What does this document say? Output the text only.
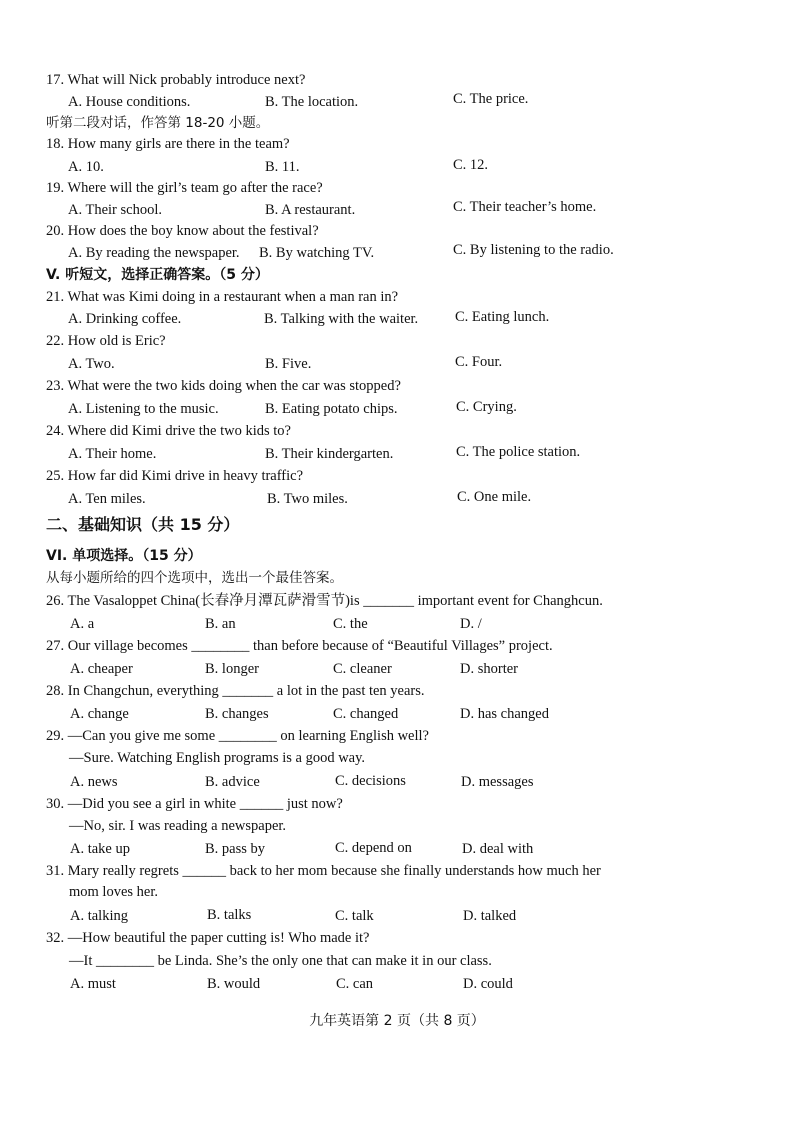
17. What will Nick probably introduce next?
A. House conditions.	B. The location.	C. The price.
听第二段对话，作答第 18-20 小题。
18. How many girls are there in the team?
A. 10.	B. 11.	C. 12.
19. Where will the girl’s team go after the race?
A. Their school.	B. A restaurant.	C. Their teacher’s home.
20. How does the boy know about the festival?
A. By reading the newspaper. B. By watching TV.	C. By listening to the radio.
V. 听短文，选择正确答案。（5 分）
21. What was Kimi doing in a restaurant when a man ran in?
A. Drinking coffee.	B. Talking with the waiter.	C. Eating lunch.
22. How old is Eric?
A. Two.	B. Five.	C. Four.
23. What were the two kids doing when the car was stopped?
A. Listening to the music.	B. Eating potato chips.	C. Crying.
24. Where did Kimi drive the two kids to?
A. Their home.	B. Their kindergarten.	C. The police station.
25. How far did Kimi drive in heavy traffic?
A. Ten miles.	B. Two miles.	C. One mile.
二、基础知识（共 15 分）
VI. 单项选择。（15 分）
从每小题所给的四个选项中，选出一个最佳答案。
26. The Vasaloppet China(长春净月潭瓦萨滑雪节)is _______ important event for Changhcun.
A. a	B. an	C. the	D. /
27. Our village becomes ________ than before because of “Beautiful Villages” project.
A. cheaper	B. longer	C. cleaner	D. shorter
28. In Changchun, everything _______ a lot in the past ten years.
A. change	B. changes	C. changed	D. has changed
29. —Can you give me some ________ on learning English well?
—Sure. Watching English programs is a good way.
A. news	B. advice	C. decisions	D. messages
30. —Did you see a girl in white ______ just now?
—No, sir. I was reading a newspaper.
A. take up	B. pass by	C. depend on	D. deal with
31. Mary really regrets ______ back to her mom because she finally understands how much her
mom loves her.
A. talking	B. talks	C. talk	D. talked
32. —How beautiful the paper cutting is! Who made it?
—It ________ be Linda. She’s the only one that can make it in our class.
A. must	B. would	C. can	D. could
九年英语第 2 页（共 8 页）
